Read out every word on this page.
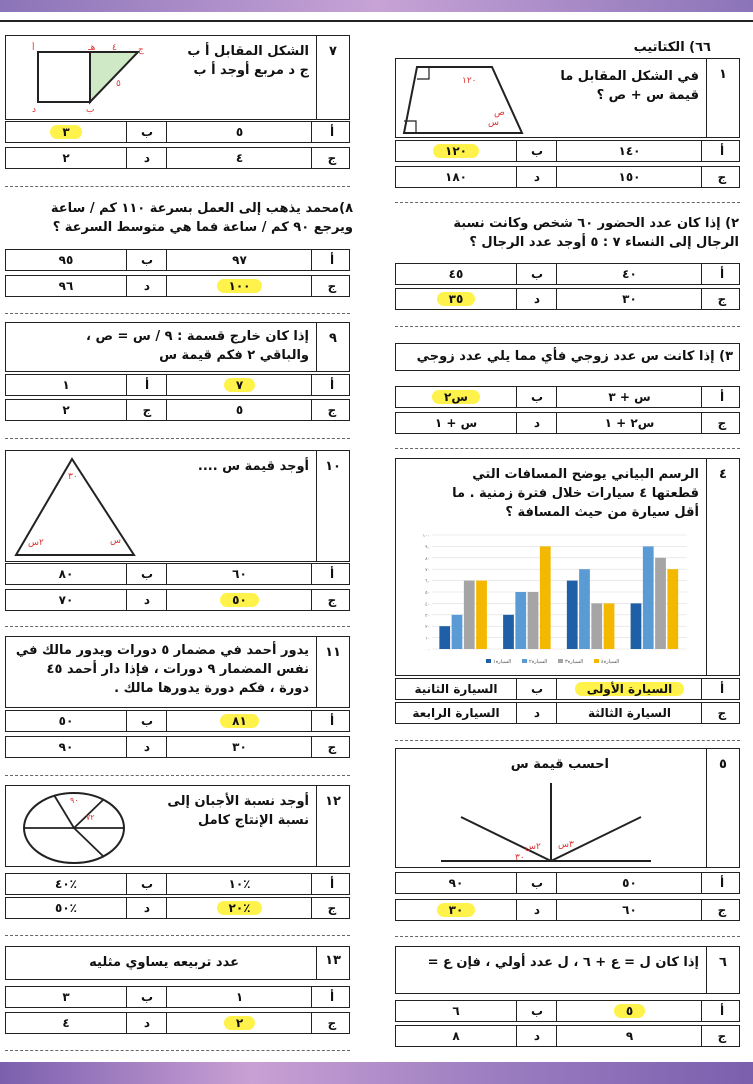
٦٦) الكتاتيب
١
في الشكل المقابل ما قيمة س + ص ؟
١٢٠
س
ص
١٢٠	ب	١٤٠	أ
١٨٠	د	١٥٠	ج
٢) إذا كان عدد الحضور ٦٠ شخص وكانت نسبة الرجال إلى النساء ٧ : ٥ أوجد عدد الرجال ؟
٤٥	ب	٤٠	أ
٣٥	د	٣٠	ج
٣) إذا كانت س عدد زوجي فأي مما يلي عدد زوجي
س٢	ب	س + ٣	أ
س + ١	د	س٢ + ١	ج
٤
الرسم البياني يوضح المسافات التي قطعتها ٤ سيارات خلال فترة زمنية . ما أقل سيارة من حيث المسافة ؟
١٠٠
٩٠
٨٠
٧٠
٦٠
٥٠
٤٠
٣٠
٢٠
١٠
٠
السيارة١	السيارة٢	السيارة٣	السيارة٤
السيارة الثانية	ب	السيارة الأولى	أ
السيارة الرابعة	د	السيارة الثالثة	ج
٥
احسب قيمة س
٢س ٣س
٣٠
٩٠	ب	٥٠	أ
٣٠	د	٦٠	ج
٦
إذا كان ل = ع + ٦ ، ل عدد أولي ، فإن ع =
٦	ب	٥	أ
٨	د	٩	ج
٧
الشكل المقابل أ ب ج د مربع أوجد أ ب
أ
ب
ج
د
هـ
٥
٤
٣	ب	٥	أ
٢	د	٤	ج
٨)محمد يذهب إلى العمل بسرعة ١١٠ كم / ساعة ويرجع ٩٠ كم / ساعة فما هي متوسط السرعة ؟
٩٥	ب	٩٧	أ
٩٦	د	١٠٠	ج
٩
إذا كان خارج قسمة : ٩ / س = ص ، والباقي ٢ فكم قيمة س
١	أ	٧	أ
٢	ج	٥	ج
١٠
أوجد قيمة س ....
٣٠
٢س	س
٨٠	ب	٦٠	أ
٧٠	د	٥٠	ج
١١
يدور أحمد في مضمار ٥ دورات ويدور مالك في نفس المضمار ٩ دورات ، فإذا دار أحمد ٤٥ دورة ، فكم دورة يدورها مالك .
٥٠	ب	٨١	أ
٩٠	د	٣٠	ج
١٢
أوجد نسبة الأجبان إلى نسبة الإنتاج كامل
٩٠
٧٢
٤٠٪	ب	١٠٪	أ
٥٠٪	د	٢٠٪	ج
١٣
عدد تربيعه يساوي مثليه
٣	ب	١	أ
٤	د	٢	ج
